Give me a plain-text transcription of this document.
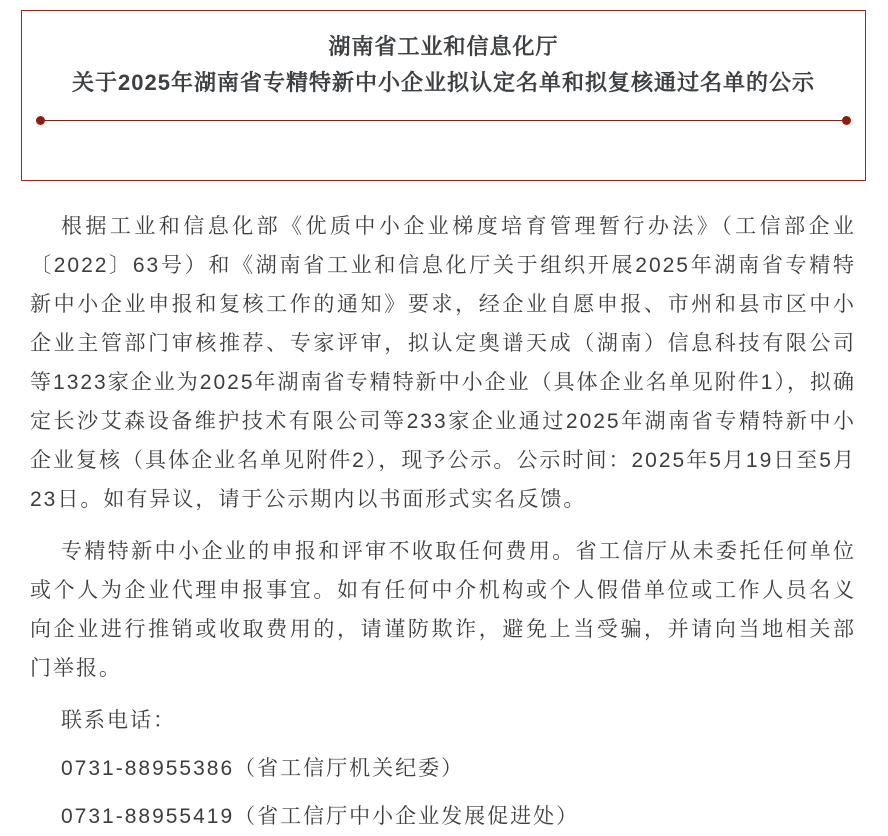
湖南省工业和信息化厅
关于2025年湖南省专精特新中小企业拟认定名单和拟复核通过名单的公示

根据工业和信息化部《优质中小企业梯度培育管理暂行办法》（工信部企业〔2022〕63号）和《湖南省工业和信息化厅关于组织开展2025年湖南省专精特新中小企业申报和复核工作的通知》要求，经企业自愿申报、市州和县市区中小企业主管部门审核推荐、专家评审，拟认定奥谱天成（湖南）信息科技有限公司等1323家企业为2025年湖南省专精特新中小企业（具体企业名单见附件1），拟确定长沙艾森设备维护技术有限公司等233家企业通过2025年湖南省专精特新中小企业复核（具体企业名单见附件2），现予公示。公示时间：2025年5月19日至5月23日。如有异议，请于公示期内以书面形式实名反馈。

专精特新中小企业的申报和评审不收取任何费用。省工信厅从未委托任何单位或个人为企业代理申报事宜。如有任何中介机构或个人假借单位或工作人员名义向企业进行推销或收取费用的，请谨防欺诈，避免上当受骗，并请向当地相关部门举报。

联系电话：

0731-88955386（省工信厅机关纪委）

0731-88955419（省工信厅中小企业发展促进处）
